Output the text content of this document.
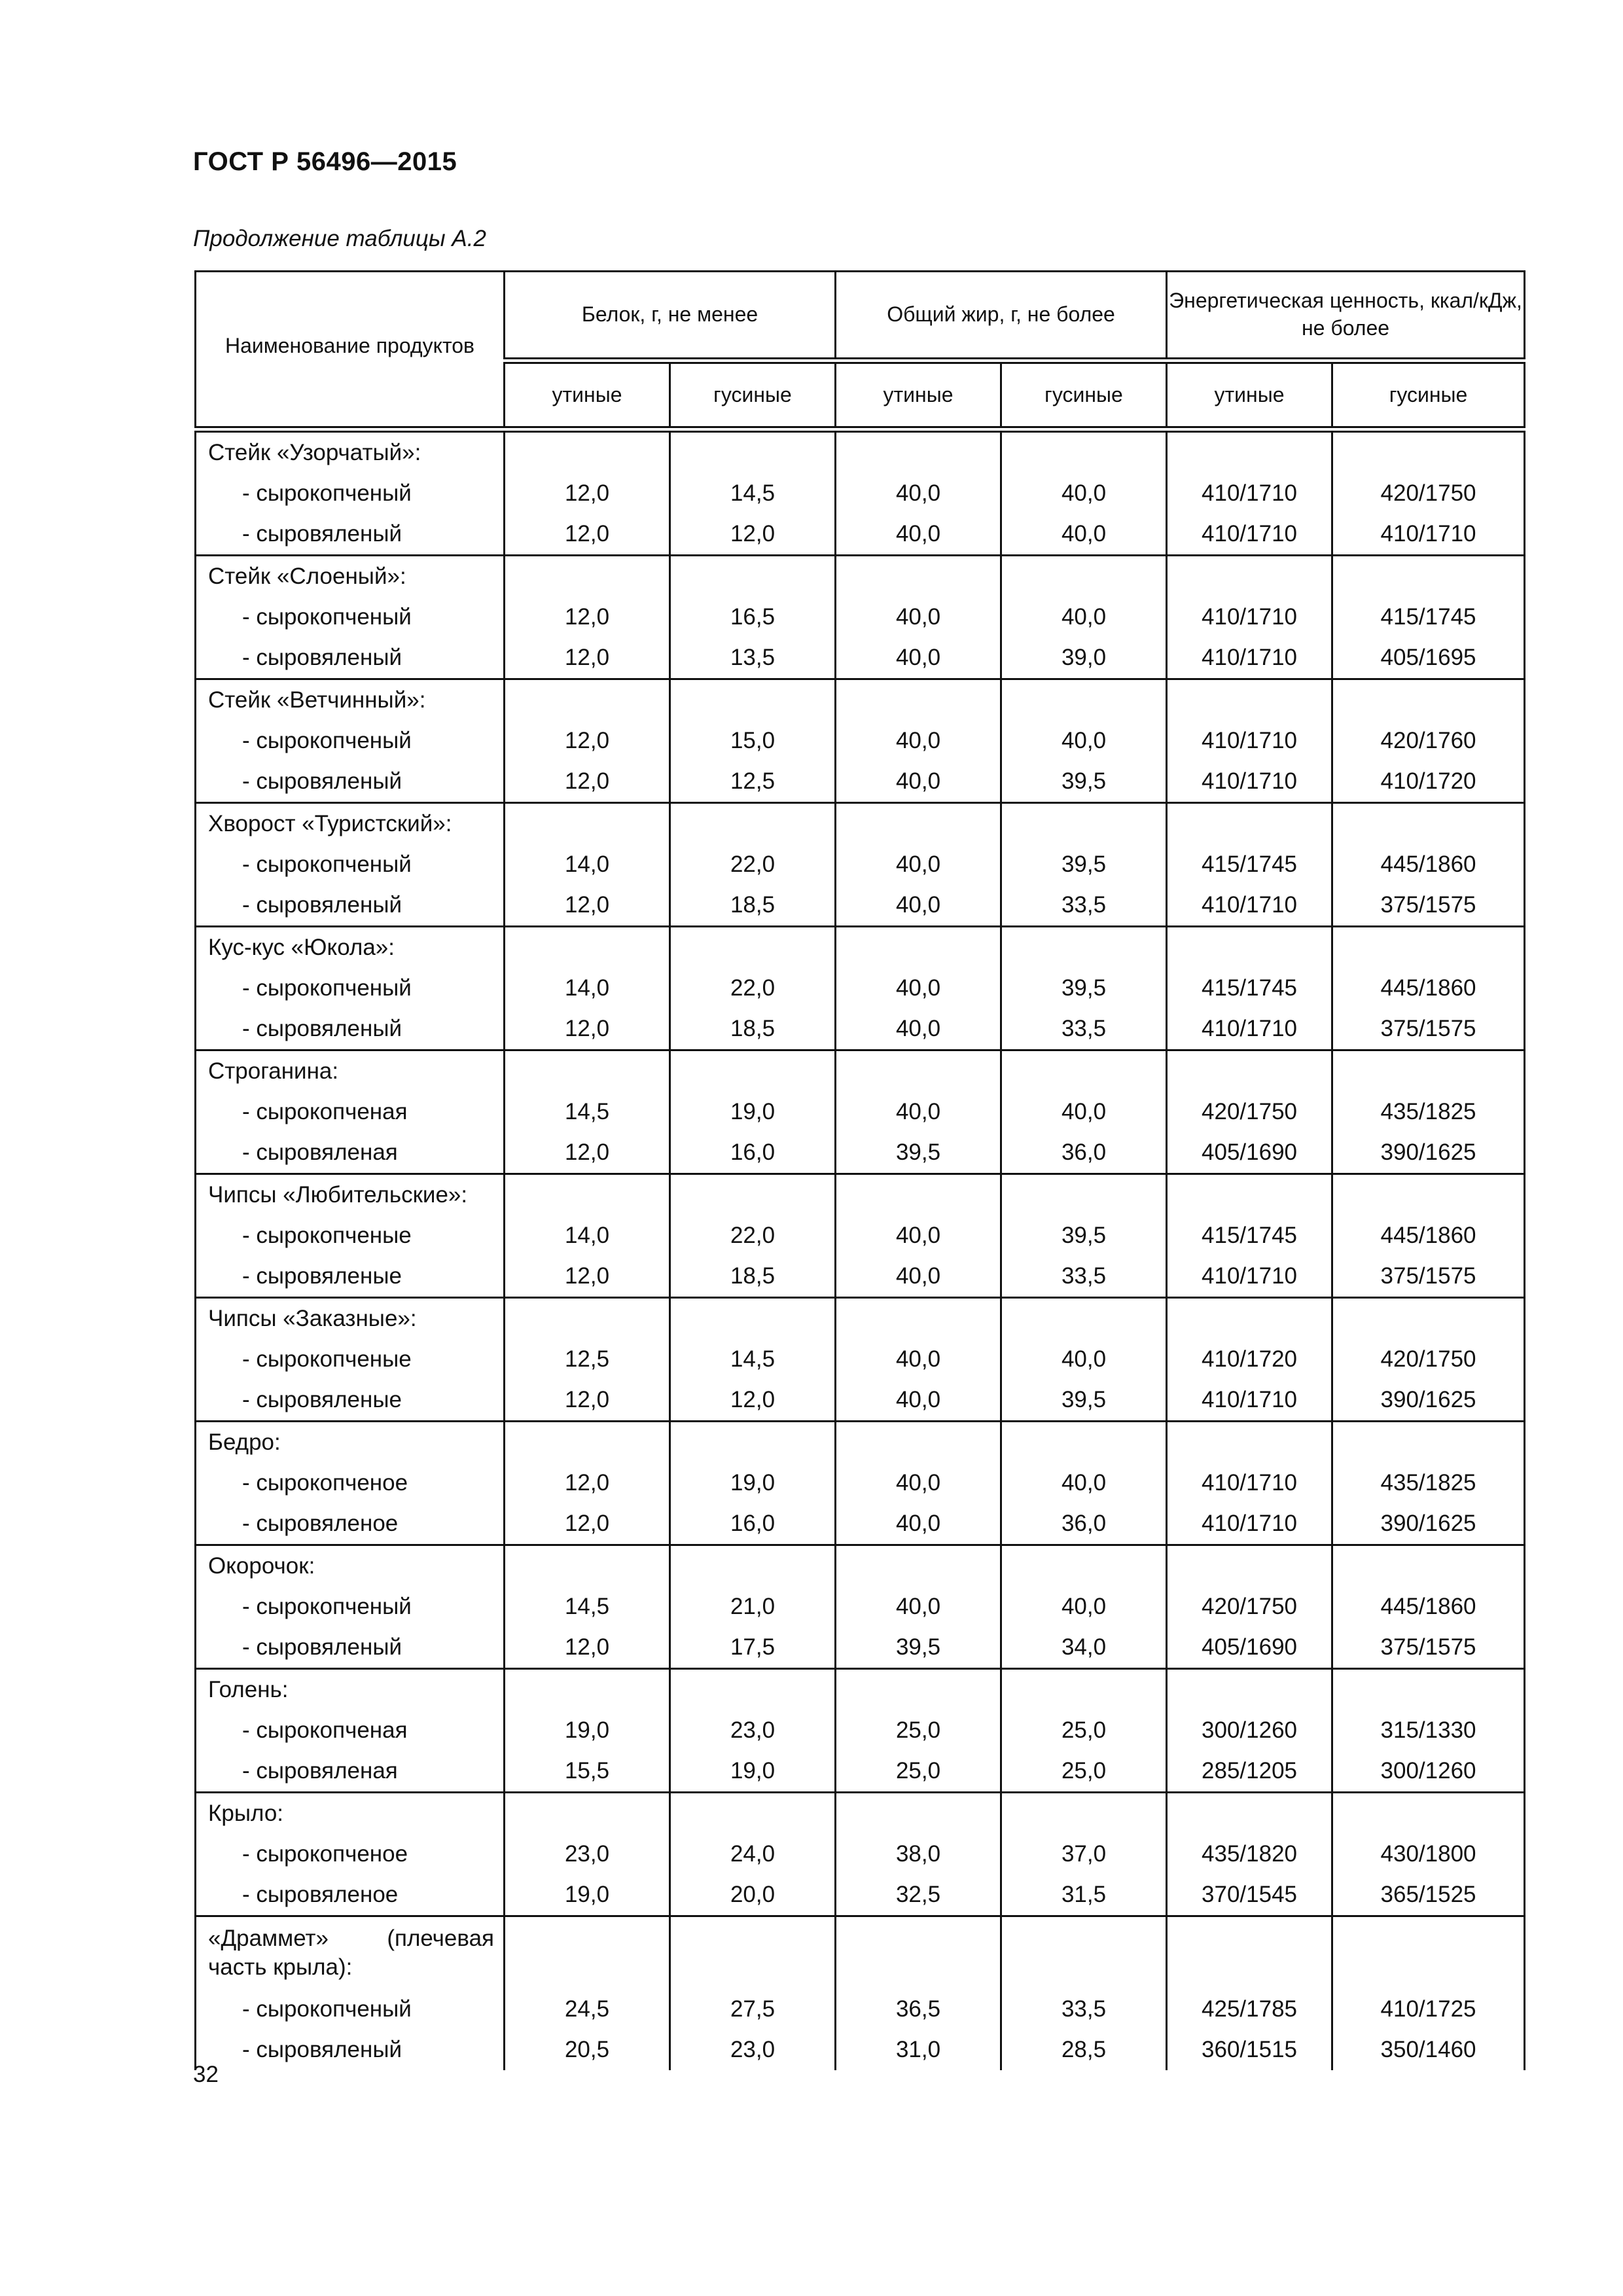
ГОСТ Р 56496—2015
Продолжение таблицы А.2
Наименование продуктов	Белок, г, не менее		Общий жир, г, не более		Энергетическая ценность, ккал/кДж, не более	
	утиные	гусиные	утиные	гусиные	утиные	гусиные
Стейк «Узорчатый»:						
- сырокопченый	12,0	14,5	40,0	40,0	410/1710	420/1750
- сыровяленый	12,0	12,0	40,0	40,0	410/1710	410/1710
Стейк «Слоеный»:						
- сырокопченый	12,0	16,5	40,0	40,0	410/1710	415/1745
- сыровяленый	12,0	13,5	40,0	39,0	410/1710	405/1695
Стейк «Ветчинный»:						
- сырокопченый	12,0	15,0	40,0	40,0	410/1710	420/1760
- сыровяленый	12,0	12,5	40,0	39,5	410/1710	410/1720
Хворост «Туристский»:						
- сырокопченый	14,0	22,0	40,0	39,5	415/1745	445/1860
- сыровяленый	12,0	18,5	40,0	33,5	410/1710	375/1575
Кус-кус «Юкола»:						
- сырокопченый	14,0	22,0	40,0	39,5	415/1745	445/1860
- сыровяленый	12,0	18,5	40,0	33,5	410/1710	375/1575
Строганина:						
- сырокопченая	14,5	19,0	40,0	40,0	420/1750	435/1825
- сыровяленая	12,0	16,0	39,5	36,0	405/1690	390/1625
Чипсы «Любительские»:						
- сырокопченые	14,0	22,0	40,0	39,5	415/1745	445/1860
- сыровяленые	12,0	18,5	40,0	33,5	410/1710	375/1575
Чипсы «Заказные»:						
- сырокопченые	12,5	14,5	40,0	40,0	410/1720	420/1750
- сыровяленые	12,0	12,0	40,0	39,5	410/1710	390/1625
Бедро:						
- сырокопченое	12,0	19,0	40,0	40,0	410/1710	435/1825
- сыровяленое	12,0	16,0	40,0	36,0	410/1710	390/1625
Окорочок:						
- сырокопченый	14,5	21,0	40,0	40,0	420/1750	445/1860
- сыровяленый	12,0	17,5	39,5	34,0	405/1690	375/1575
Голень:						
- сырокопченая	19,0	23,0	25,0	25,0	300/1260	315/1330
- сыровяленая	15,5	19,0	25,0	25,0	285/1205	300/1260
Крыло:						
- сырокопченое	23,0	24,0	38,0	37,0	435/1820	430/1800
- сыровяленое	19,0	20,0	32,5	31,5	370/1545	365/1525
«Драммет» (плечевая часть крыла):						
- сырокопченый	24,5	27,5	36,5	33,5	425/1785	410/1725
- сыровяленый	20,5	23,0	31,0	28,5	360/1515	350/1460
32
